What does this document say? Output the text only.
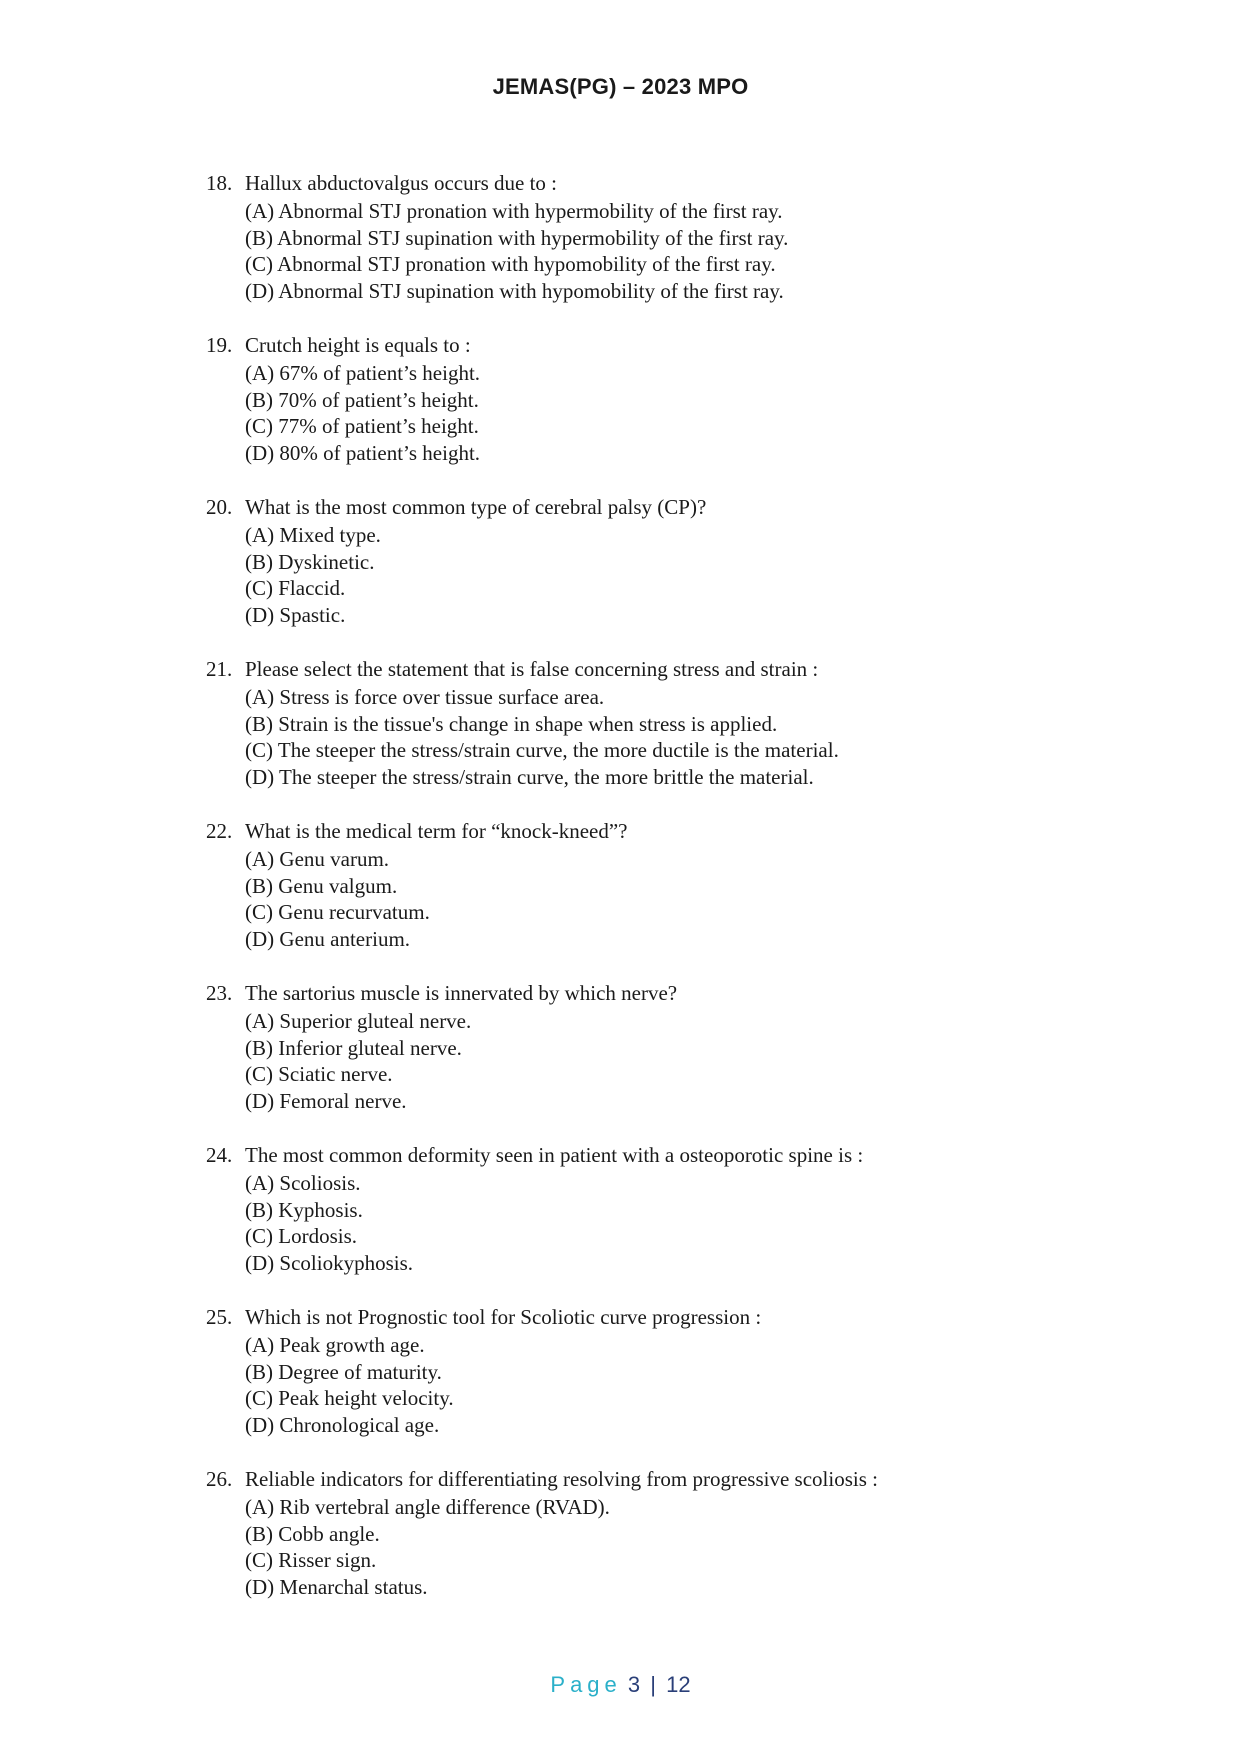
JEMAS(PG) – 2023 MPO
18. Hallux abductovalgus occurs due to :
(A) Abnormal STJ pronation with hypermobility of the first ray.
(B) Abnormal STJ supination with hypermobility of the first ray.
(C) Abnormal STJ pronation with hypomobility of the first ray.
(D) Abnormal STJ supination with hypomobility of the first ray.
19. Crutch height is equals to :
(A) 67% of patient’s height.
(B) 70% of patient’s height.
(C) 77% of patient’s height.
(D) 80% of patient’s height.
20. What is the most common type of cerebral palsy (CP)?
(A) Mixed type.
(B) Dyskinetic.
(C) Flaccid.
(D) Spastic.
21. Please select the statement that is false concerning stress and strain :
(A) Stress is force over tissue surface area.
(B) Strain is the tissue's change in shape when stress is applied.
(C) The steeper the stress/strain curve, the more ductile is the material.
(D) The steeper the stress/strain curve, the more brittle the material.
22. What is the medical term for “knock-kneed”?
(A) Genu varum.
(B) Genu valgum.
(C) Genu recurvatum.
(D) Genu anterium.
23. The sartorius muscle is innervated by which nerve?
(A) Superior gluteal nerve.
(B) Inferior gluteal nerve.
(C) Sciatic nerve.
(D) Femoral nerve.
24. The most common deformity seen in patient with a osteoporotic spine is :
(A) Scoliosis.
(B) Kyphosis.
(C) Lordosis.
(D) Scoliokyphosis.
25. Which is not Prognostic tool for Scoliotic curve progression :
(A) Peak growth age.
(B) Degree of maturity.
(C) Peak height velocity.
(D) Chronological age.
26. Reliable indicators for differentiating resolving from progressive scoliosis :
(A) Rib vertebral angle difference (RVAD).
(B) Cobb angle.
(C) Risser sign.
(D) Menarchal status.
Page 3 | 12
